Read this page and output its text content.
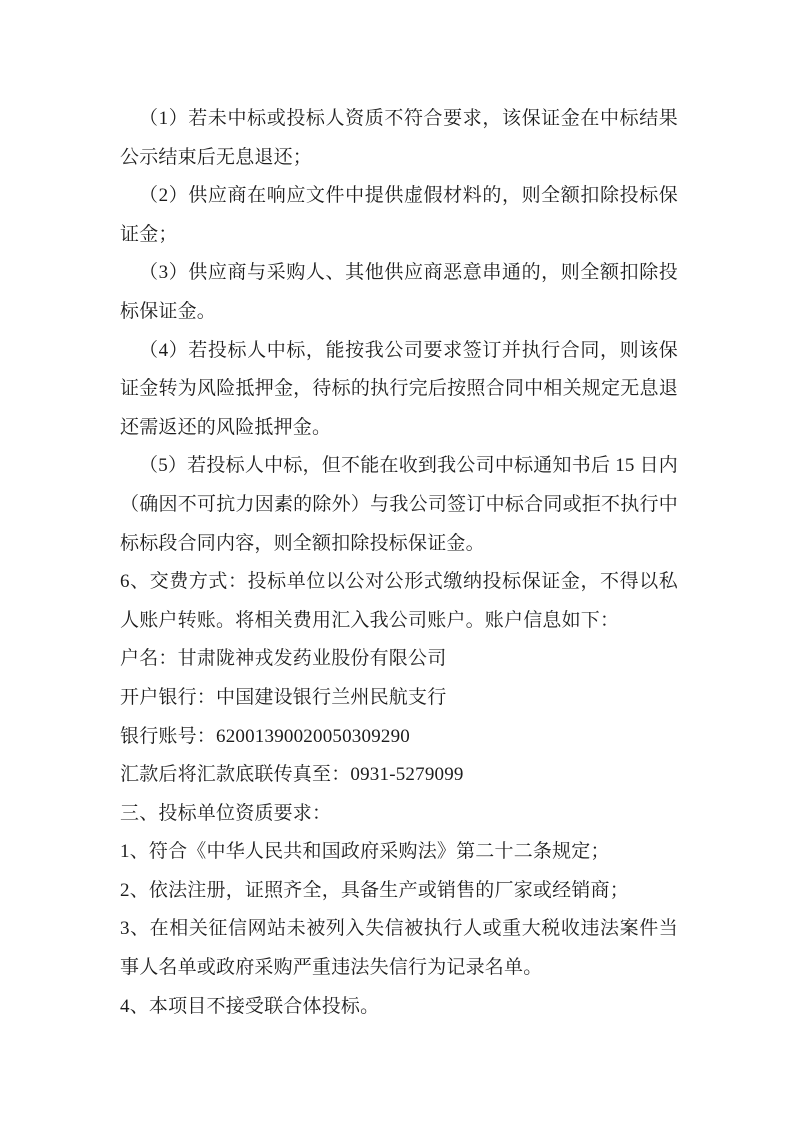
（1）若未中标或投标人资质不符合要求，该保证金在中标结果公示结束后无息退还；

（2）供应商在响应文件中提供虚假材料的，则全额扣除投标保证金；

（3）供应商与采购人、其他供应商恶意串通的，则全额扣除投标保证金。

（4）若投标人中标，能按我公司要求签订并执行合同，则该保证金转为风险抵押金，待标的执行完后按照合同中相关规定无息退还需返还的风险抵押金。

（5）若投标人中标，但不能在收到我公司中标通知书后 15 日内（确因不可抗力因素的除外）与我公司签订中标合同或拒不执行中标标段合同内容，则全额扣除投标保证金。

6、交费方式：投标单位以公对公形式缴纳投标保证金，不得以私人账户转账。将相关费用汇入我公司账户。账户信息如下：

户名：甘肃陇神戎发药业股份有限公司

开户银行：中国建设银行兰州民航支行

银行账号：62001390020050309290

汇款后将汇款底联传真至：0931-5279099

三、投标单位资质要求：

1、符合《中华人民共和国政府采购法》第二十二条规定；

2、依法注册，证照齐全，具备生产或销售的厂家或经销商；

3、在相关征信网站未被列入失信被执行人或重大税收违法案件当事人名单或政府采购严重违法失信行为记录名单。

4、本项目不接受联合体投标。
